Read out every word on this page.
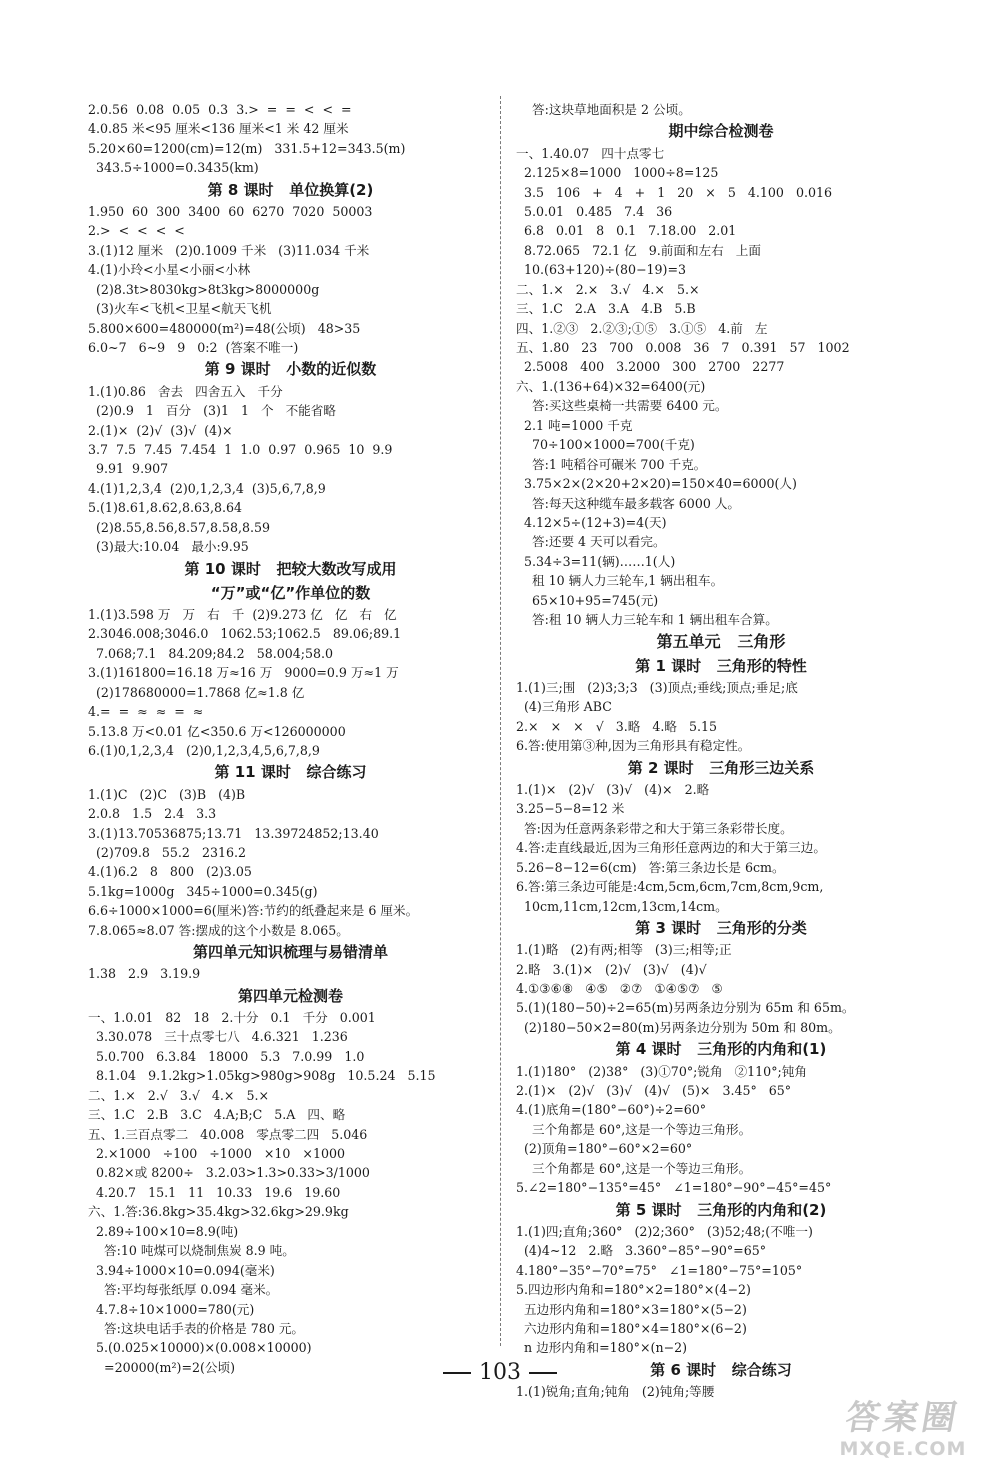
2.0.56  0.08  0.05  0.3  3.>  =  =  <  <  =
4.0.85 米<95 厘米<136 厘米<1 米 42 厘米
5.20×60=1200(cm)=12(m)   331.5+12=343.5(m)
343.5÷1000=0.3435(km)
第 8 课时   单位换算(2)
1.950  60  300  3400  60  6270  7020  50003
2.>  <  <  <  <
3.(1)12 厘米   (2)0.1009 千米   (3)11.034 千米
4.(1)小玲<小星<小丽<小林
(2)8.3t>8030kg>8t3kg>8000000g
(3)火车<飞机<卫星<航天飞机
5.800×600=480000(m²)=48(公顷)   48>35
6.0~7   6~9   9   0:2  (答案不唯一)
第 9 课时   小数的近似数
1.(1)0.86   舍去   四舍五入   千分
(2)0.9   1   百分   (3)1   1   个   不能省略
2.(1)×  (2)√  (3)√  (4)×
3.7  7.5  7.45  7.454  1  1.0  0.97  0.965  10  9.9
9.91  9.907
4.(1)1,2,3,4  (2)0,1,2,3,4  (3)5,6,7,8,9
5.(1)8.61,8.62,8.63,8.64
(2)8.55,8.56,8.57,8.58,8.59
(3)最大:10.04   最小:9.95
第 10 课时   把较大数改写成用
“万”或“亿”作单位的数
1.(1)3.598 万   万   右   千  (2)9.273 亿   亿   右   亿
2.3046.008;3046.0   1062.53;1062.5   89.06;89.1
7.068;7.1   84.209;84.2   58.004;58.0
3.(1)161800=16.18 万≈16 万   9000=0.9 万≈1 万
(2)178680000=1.7868 亿≈1.8 亿
4.=  =  ≈  ≈  =  ≈
5.13.8 万<0.01 亿<350.6 万<126000000
6.(1)0,1,2,3,4   (2)0,1,2,3,4,5,6,7,8,9
第 11 课时   综合练习
1.(1)C   (2)C   (3)B   (4)B
2.0.8   1.5   2.4   3.3
3.(1)13.70536875;13.71   13.39724852;13.40
(2)709.8   55.2   2316.2
4.(1)6.2   8   800   (2)3.05
5.1kg=1000g   345÷1000=0.345(g)
6.6÷1000×1000=6(厘米)答:节约的纸叠起来是 6 厘米。
7.8.065≈8.07 答:摆成的这个小数是 8.065。
第四单元知识梳理与易错清单
1.38   2.9   3.19.9
第四单元检测卷
一、1.0.01   82   18   2.十分   0.1   千分   0.001
3.30.078   三十点零七八   4.6.321   1.236
5.0.700   6.3.84   18000   5.3   7.0.99   1.0
8.1.04   9.1.2kg>1.05kg>980g>908g   10.5.24   5.15
二、1.×   2.√   3.√   4.×   5.×
三、1.C   2.B   3.C   4.A;B;C   5.A   四、略
五、1.三百点零二   40.008   零点零二四   5.046
2.×1000   ÷100   ÷1000   ×10   ×1000
0.82×或 8200÷   3.2.03>1.3>0.33>3/1000
4.20.7   15.1   11   10.33   19.6   19.60
六、1.答:36.8kg>35.4kg>32.6kg>29.9kg
2.89÷100×10=8.9(吨)
答:10 吨煤可以烧制焦炭 8.9 吨。
3.94÷1000×10=0.094(毫米)
答:平均每张纸厚 0.094 毫米。
4.7.8÷10×1000=780(元)
答:这块电话手表的价格是 780 元。
5.(0.025×10000)×(0.008×10000)
=20000(m²)=2(公顷)
答:这块草地面积是 2 公顷。
期中综合检测卷
一、1.40.07   四十点零七
2.125×8=1000   1000÷8=125
3.5   106   +   4   +   1   20   ×   5   4.100   0.016
5.0.01   0.485   7.4   36
6.8   0.01   8   0.1   7.18.00   2.01
8.72.065   72.1 亿   9.前面和左右   上面
10.(63+120)÷(80−19)=3
二、1.×   2.×   3.√   4.×   5.×
三、1.C   2.A   3.A   4.B   5.B
四、1.②③   2.②③;①⑤   3.①⑤   4.前   左
五、1.80   23   700   0.008   36   7   0.391   57   1002
2.5008   400   3.2000   300   2700   2277
六、1.(136+64)×32=6400(元)
答:买这些桌椅一共需要 6400 元。
2.1 吨=1000 千克
70÷100×1000=700(千克)
答:1 吨稻谷可碾米 700 千克。
3.75×2×(2×20+2×20)=150×40=6000(人)
答:每天这种缆车最多载客 6000 人。
4.12×5÷(12+3)=4(天)
答:还要 4 天可以看完。
5.34÷3=11(辆)……1(人)
租 10 辆人力三轮车,1 辆出租车。
65×10+95=745(元)
答:租 10 辆人力三轮车和 1 辆出租车合算。
第五单元   三角形
第 1 课时   三角形的特性
1.(1)三;围   (2)3;3;3   (3)顶点;垂线;顶点;垂足;底
(4)三角形 ABC
2.×   ×   ×   √   3.略   4.略   5.15
6.答:使用第③种,因为三角形具有稳定性。
第 2 课时   三角形三边关系
1.(1)×   (2)√   (3)√   (4)×   2.略
3.25−5−8=12 米
答:因为任意两条彩带之和大于第三条彩带长度。
4.答:走直线最近,因为三角形任意两边的和大于第三边。
5.26−8−12=6(cm)   答:第三条边长是 6cm。
6.答:第三条边可能是:4cm,5cm,6cm,7cm,8cm,9cm,
10cm,11cm,12cm,13cm,14cm。
第 3 课时   三角形的分类
1.(1)略   (2)有两;相等   (3)三;相等;正
2.略   3.(1)×   (2)√   (3)√   (4)√
4.①③⑥⑧   ④⑤   ②⑦   ①④⑤⑦   ⑤
5.(1)(180−50)÷2=65(m)另两条边分别为 65m 和 65m。
(2)180−50×2=80(m)另两条边分别为 50m 和 80m。
第 4 课时   三角形的内角和(1)
1.(1)180°   (2)38°   (3)①70°;锐角   ②110°;钝角
2.(1)×   (2)√   (3)√   (4)√   (5)×   3.45°   65°
4.(1)底角=(180°−60°)÷2=60°
三个角都是 60°,这是一个等边三角形。
(2)顶角=180°−60°×2=60°
三个角都是 60°,这是一个等边三角形。
5.∠2=180°−135°=45°   ∠1=180°−90°−45°=45°
第 5 课时   三角形的内角和(2)
1.(1)四;直角;360°   (2)2;360°   (3)52;48;(不唯一)
(4)4~12   2.略   3.360°−85°−90°=65°
4.180°−35°−70°=75°   ∠1=180°−75°=105°
5.四边形内角和=180°×2=180°×(4−2)
五边形内角和=180°×3=180°×(5−2)
六边形内角和=180°×4=180°×(6−2)
n 边形内角和=180°×(n−2)
第 6 课时   综合练习
1.(1)锐角;直角;钝角   (2)钝角;等腰
103
答案圈
MXQE.COM
